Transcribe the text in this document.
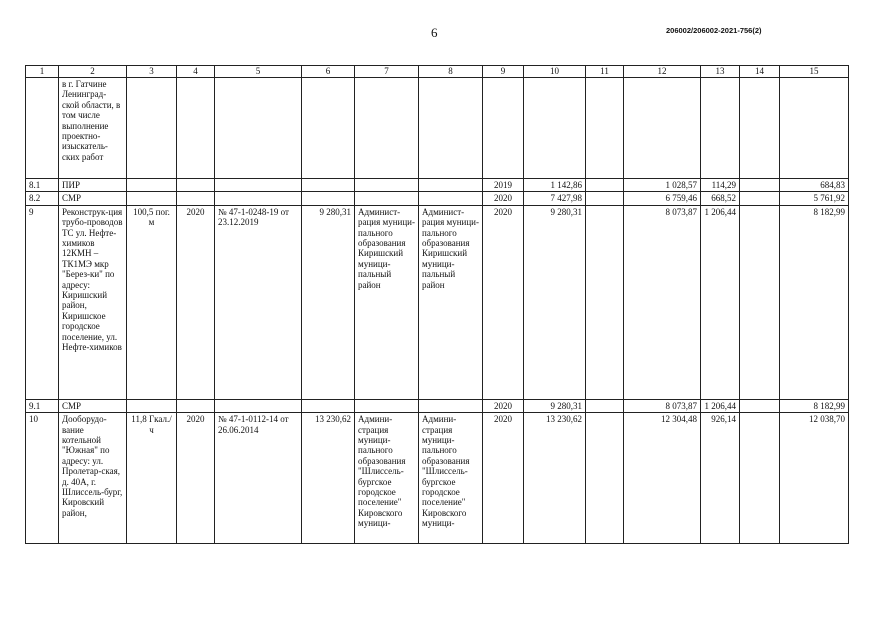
6	206002/206002-2021-756(2)
1	2	3	4	5	6	7	8	9	10	11	12	13	14	15
	в г. Гатчине Ленинград-ской области, в том числе выполнение проектно-изыскатель-ских работ													
8.1	ПИР							2019	1 142,86		1 028,57	114,29		684,83
8.2	СМР							2020	7 427,98		6 759,46	668,52		5 761,92
9	Реконструк-ция трубо-проводов ТС ул. Нефте-химиков 12КМН – ТК1МЭ мкр "Берез-ки" по адресу: Киришский район, Киришское городское поселение, ул. Нефте-химиков	100,5 пог. м	2020	№ 47-1-0248-19 от 23.12.2019	9 280,31	Админист-рация муници-пального образования Киришский муници-пальный район	Админист-рация муници-пального образования Киришский муници-пальный район	2020	9 280,31		8 073,87	1 206,44		8 182,99
9.1	СМР							2020	9 280,31		8 073,87	1 206,44		8 182,99
10	Дооборудо-вание котельной "Южная" по адресу: ул. Пролетар-ская, д. 40А, г. Шлиссель-бург, Кировский район,	11,8 Гкал./ч	2020	№ 47-1-0112-14 от 26.06.2014	13 230,62	Админи-страция муници-пального образования "Шлиссель-бургское городское поселение" Кировского муници-	Админи-страция муници-пального образования "Шлиссель-бургское городское поселение" Кировского муници-	2020	13 230,62		12 304,48	926,14		12 038,70
